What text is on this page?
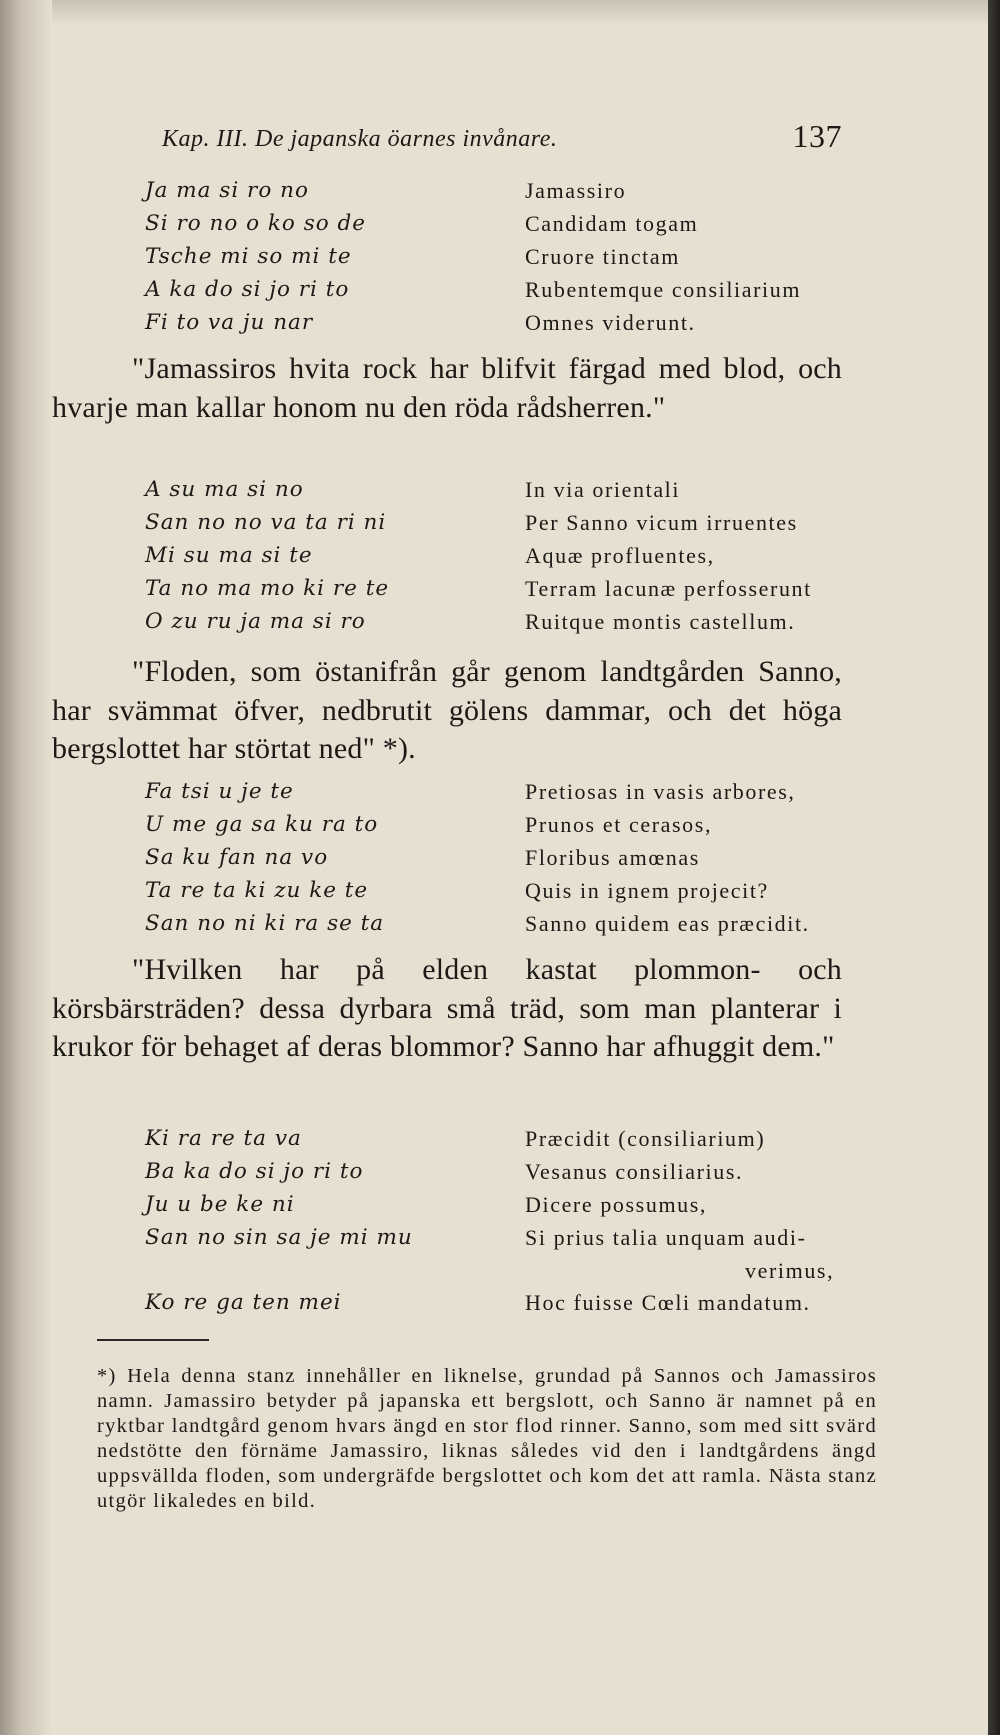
Kap. III. De japanska öarnes invånare.	137
Ja ma si ro no	Jamassiro
Si ro no o ko so de	Candidam togam
Tsche mi so mi te	Cruore tinctam
A ka do si jo ri to	Rubentemque consiliarium
Fi to va ju nar	Omnes viderunt.
"Jamassiros hvita rock har blifvit färgad med blod, och hvarje man kallar honom nu den röda rådsherren."
A su ma si no	In via orientali
San no no va ta ri ni	Per Sanno vicum irruentes
Mi su ma si te	Aquæ profluentes,
Ta no ma mo ki re te	Terram lacunæ perfosserunt
O zu ru ja ma si ro	Ruitque montis castellum.
"Floden, som östanifrån går genom landtgården Sanno, har svämmat öfver, nedbrutit gölens dammar, och det höga bergslottet har störtat ned" *).
Fa tsi u je te	Pretiosas in vasis arbores,
U me ga sa ku ra to	Prunos et cerasos,
Sa ku fan na vo	Floribus amœnas
Ta re ta ki zu ke te	Quis in ignem projecit?
San no ni ki ra se ta	Sanno quidem eas præcidit.
"Hvilken har på elden kastat plommon- och körsbärsträden? dessa dyrbara små träd, som man planterar i krukor för behaget af deras blommor? Sanno har afhuggit dem."
Ki ra re ta va	Præcidit (consiliarium)
Ba ka do si jo ri to	Vesanus consiliarius.
Ju u be ke ni	Dicere possumus,
San no sin sa je mi mu	Si prius talia unquam audi-
verimus,
Ko re ga ten mei	Hoc fuisse Cœli mandatum.
*) Hela denna stanz innehåller en liknelse, grundad på Sannos och Jamassiros namn. Jamassiro betyder på japanska ett bergslott, och Sanno är namnet på en ryktbar landtgård genom hvars ängd en stor flod rinner. Sanno, som med sitt svärd nedstötte den förnäme Jamassiro, liknas således vid den i landtgårdens ängd uppsvällda floden, som undergräfde bergslottet och kom det att ramla. Nästa stanz utgör likaledes en bild.
